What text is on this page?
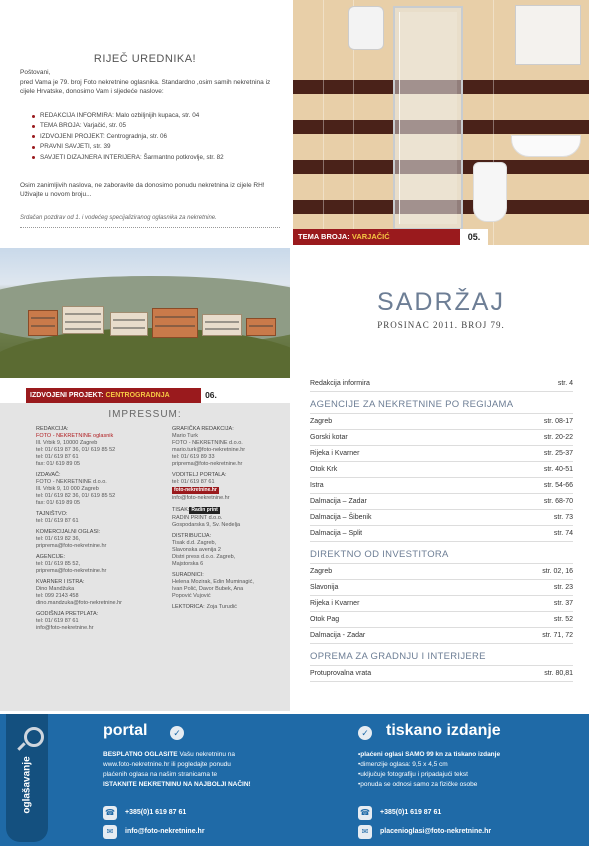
RIJEČ UREDNIKA!
Poštovani,
pred Vama je 79. broj Foto nekretnine oglasnika. Standardno ,osim samih nekretnina iz cijele Hrvatske, donosimo Vam i sljedeće naslove:
REDAKCIJA INFORMIRA: Malo ozbiljnijih kupaca, str. 04
TEMA BROJA: Varjačić, str. 05
IZDVOJENI PROJEKT: Centrogradnja, str. 06
PRAVNI SAVJETI, str. 39
SAVJETI DIZAJNERA INTERIJERA: Šarmantno potkrovlje, str. 82
Osim zanimljivih naslova, ne zaboravite da donosimo ponudu nekretnina iz cijele RH! Uživajte u novom broju...
Srdačan pozdrav od 1. i vodećeg specijaliziranog oglasnika za nekretnine.
TEMA BROJA: VARJAČIĆ	05.
IZDVOJENI PROJEKT: CENTROGRADNJA	06.
IMPRESSUM:
REDAKCIJA:
FOTO - NEKRETNINE oglasnik
Ill. Vrbik 9, 10000 Zagreb
tel: 01/ 619 87 36, 01/ 619 85 52
tel: 01/ 619 87 61
fax: 01/ 619 89 05
IZDAVAČ:
FOTO - NEKRETNINE d.o.o.
Ill. Vrbik 9, 10 000 Zagreb
tel: 01/ 619 82 36, 01/ 619 85 52
fax: 01/ 619 89 05
TAJNIŠTVO:
tel: 01/ 619 87 61
KOMERCIJALNI OGLASI:
tel: 01/ 619 82 36,
priprema@foto-nekretnine.hr
AGENCIJE:
tel: 01/ 619 85 52,
priprema@foto-nekretnine.hr
KVARNER I ISTRA:
Dino Mandžuka
tel: 099 2143 458
dino.mandzuka@foto-nekretnine.hr
GODIŠNJA PRETPLATA:
tel: 01/ 619 87 61
info@foto-nekretnine.hr
GRAFIČKA REDAKCIJA:
Mario Turk
FOTO - NEKRETNINE d.o.o.
mario.turk@foto-nekretnine.hr
tel: 01/ 619 89 33
priprema@foto-nekretnine.hr
VODITELJ PORTALA:
tel: 01/ 619 87 61
foto-nekretnine.hr
info@foto-nekretnine.hr
TISAK: Radin print
RADIN PRINT d.o.o.
Gospodarska 9, Sv. Nedelja
DISTRIBUCIJA:
Tisak d.d. Zagreb,
Slavonska avenija 2
Distri press d.o.o. Zagreb,
Majstorska 6
SURADNICI:
Helena Mozirak, Edin Muminagić,
Ivan Polić, Davor Bubek, Ana
Popović Vujović
LEKTORICA: Zoja Turudić
SADRŽAJ
PROSINAC 2011. BROJ 79.
Redakcija informira	str. 4
AGENCIJE ZA NEKRETNINE PO REGIJAMA
Zagreb	str. 08-17
Gorski kotar	str. 20-22
Rijeka i Kvarner	str. 25-37
Otok Krk	str. 40-51
Istra	str. 54-66
Dalmacija – Zadar	str. 68-70
Dalmacija – Šibenik	str. 73
Dalmacija – Split	str. 74
DIREKTNO OD INVESTITORA
Zagreb	str. 02, 16
Slavonija	str. 23
Rijeka i Kvarner	str. 37
Otok Pag	str. 52
Dalmacija - Zadar	str. 71, 72
OPREMA ZA GRADNJU I INTERIJERE
Protuprovalna vrata	str. 80,81
oglašavanje
portal	✓
BESPLATNO OGLASITE Vašu nekretninu na
www.foto-nekretnine.hr ili pogledajte ponudu
plaćenih oglasa na našim stranicama te
ISTAKNITE NEKRETNINU NA NAJBOLJI NAČIN!
☎ +385(0)1 619 87 61
✉	info@foto-nekretnine.hr
✓ tiskano izdanje
• plaćeni oglasi SAMO 99 kn za tiskano izdanje
• dimenzije oglasa: 9,5 x 4,5 cm
• uključuje fotografiju i pripadajući tekst
• ponuda se odnosi samo za fizičke osobe
☎ +385(0)1 619 87 61
✉	placenioglasi@foto-nekretnine.hr
